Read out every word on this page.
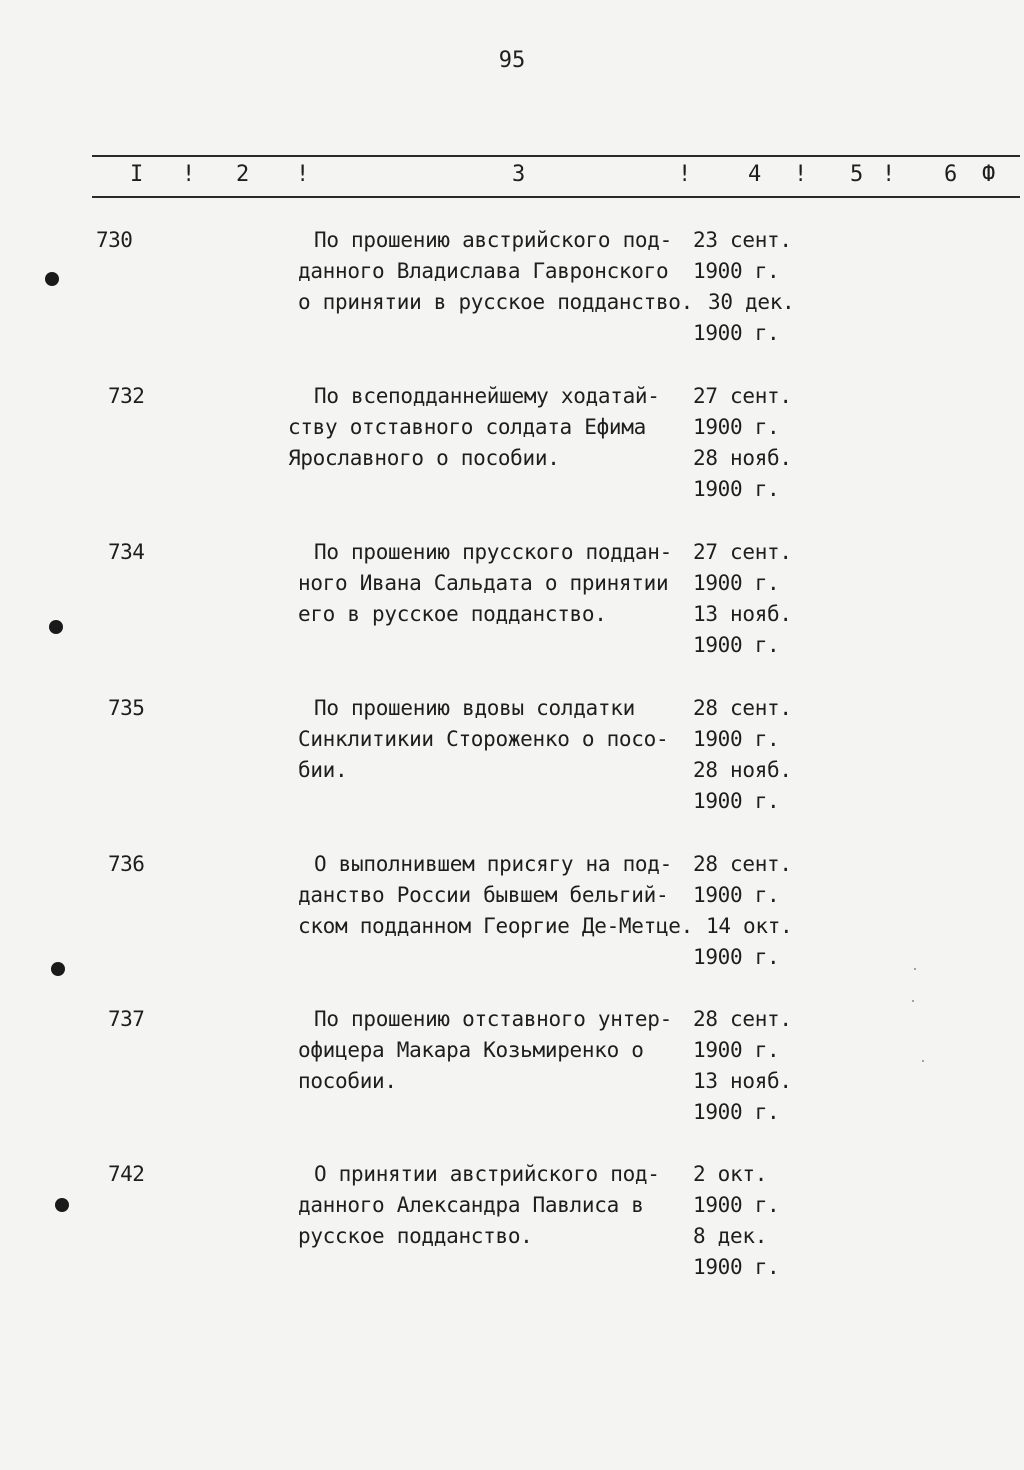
95
I ! 2 !	3	!	4 ! 5 ! 6 Ф
730	По прошению австрийского под-
данного Владислава Гавронского
о принятии в русское подданство.
23 сент.
1900 г.
30 дек.
1900 г.
732	По всеподданнейшему ходатай-
ству отставного солдата Ефима
Ярославного о пособии.
27 сент.
1900 г.
28 нояб.
1900 г.
734	По прошению прусского поддан-
ного Ивана Сальдата о принятии
его в русское подданство.
27 сент.
1900 г.
13 нояб.
1900 г.
735	По прошению вдовы солдатки
Синклитикии Стороженко о посо-
бии.
28 сент.
1900 г.
28 нояб.
1900 г.
736	О выполнившем присягу на под-
данство России бывшем бельгий-
ском подданном Георгие Де-Метце.
28 сент.
1900 г.
14 окт.
1900 г.
737	По прошению отставного унтер-
офицера Макара Козьмиренко о
пособии.
28 сент.
1900 г.
13 нояб.
1900 г.
742	О принятии австрийского под-
данного Александра Павлиса в
русское подданство.
2 окт.
1900 г.
8 дек.
1900 г.
